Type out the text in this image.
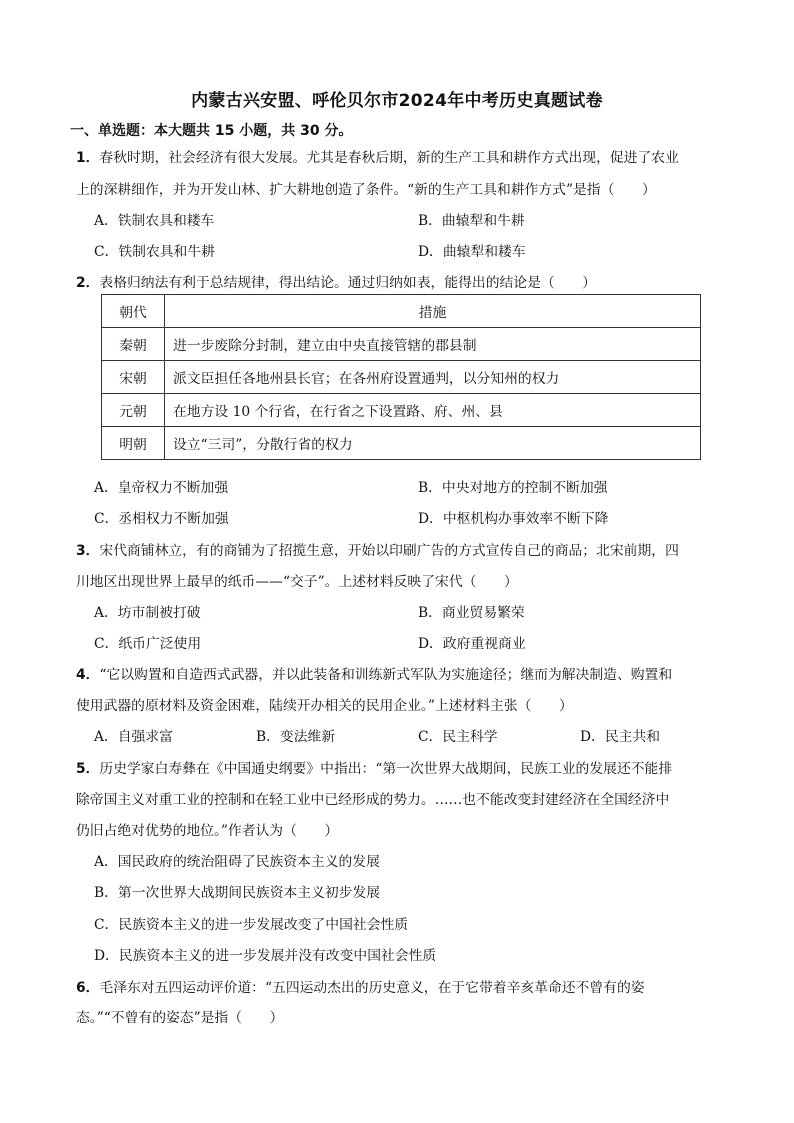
内蒙古兴安盟、呼伦贝尔市2024年中考历史真题试卷
一、单选题：本大题共 15 小题，共 30 分。
1．春秋时期，社会经济有很大发展。尤其是春秋后期，新的生产工具和耕作方式出现，促进了农业
上的深耕细作，并为开发山林、扩大耕地创造了条件。“新的生产工具和耕作方式”是指（　　）
A．铁制农具和耧车	B．曲辕犁和牛耕
C．铁制农具和牛耕	D．曲辕犁和耧车
2．表格归纳法有利于总结规律，得出结论。通过归纳如表，能得出的结论是（　　）
朝代	措施
秦朝	进一步废除分封制，建立由中央直接管辖的郡县制
宋朝	派文臣担任各地州县长官；在各州府设置通判，以分知州的权力
元朝	在地方设 10 个行省，在行省之下设置路、府、州、县
明朝	设立“三司”，分散行省的权力
A．皇帝权力不断加强	B．中央对地方的控制不断加强
C．丞相权力不断加强	D．中枢机构办事效率不断下降
3．宋代商铺林立，有的商铺为了招揽生意，开始以印刷广告的方式宣传自己的商品；北宋前期，四
川地区出现世界上最早的纸币——“交子”。上述材料反映了宋代（　　）
A．坊市制被打破	B．商业贸易繁荣
C．纸币广泛使用	D．政府重视商业
4．“它以购置和自造西式武器，并以此装备和训练新式军队为实施途径；继而为解决制造、购置和
使用武器的原材料及资金困难，陆续开办相关的民用企业。”上述材料主张（　　）
A．自强求富	B．变法维新	C．民主科学	D．民主共和
5．历史学家白寿彝在《中国通史纲要》中指出：“第一次世界大战期间，民族工业的发展还不能排
除帝国主义对重工业的控制和在轻工业中已经形成的势力。……也不能改变封建经济在全国经济中
仍旧占绝对优势的地位。”作者认为（　　）
A．国民政府的统治阻碍了民族资本主义的发展
B．第一次世界大战期间民族资本主义初步发展
C．民族资本主义的进一步发展改变了中国社会性质
D．民族资本主义的进一步发展并没有改变中国社会性质
6．毛泽东对五四运动评价道：“五四运动杰出的历史意义，在于它带着辛亥革命还不曾有的姿
态。”“不曾有的姿态”是指（　　）
